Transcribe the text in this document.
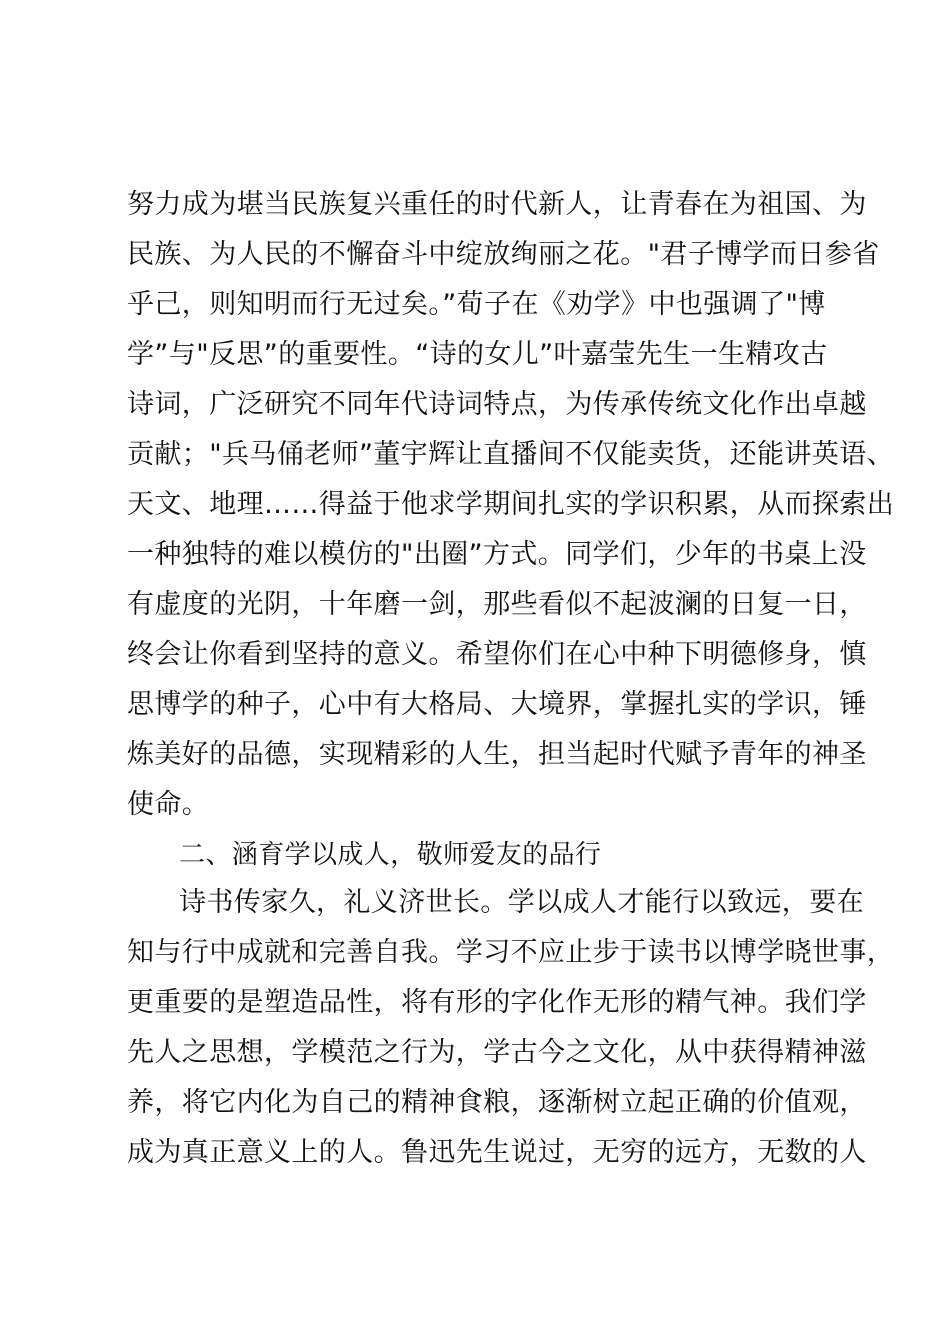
努力成为堪当民族复兴重任的时代新人，让青春在为祖国、为
民族、为人民的不懈奋斗中绽放绚丽之花。"君子博学而日参省
乎己，则知明而行无过矣。”荀子在《劝学》中也强调了"博
学”与"反思”的重要性。“诗的女儿”叶嘉莹先生一生精攻古
诗词，广泛研究不同年代诗词特点，为传承传统文化作出卓越
贡献；"兵马俑老师”董宇辉让直播间不仅能卖货，还能讲英语、
天文、地理……得益于他求学期间扎实的学识积累，从而探索出
一种独特的难以模仿的"出圈”方式。同学们，少年的书桌上没
有虚度的光阴，十年磨一剑，那些看似不起波澜的日复一日，
终会让你看到坚持的意义。希望你们在心中种下明德修身，慎
思博学的种子，心中有大格局、大境界，掌握扎实的学识，锤
炼美好的品德，实现精彩的人生，担当起时代赋予青年的神圣
使命。
二、涵育学以成人，敬师爱友的品行
诗书传家久，礼义济世长。学以成人才能行以致远，要在
知与行中成就和完善自我。学习不应止步于读书以博学晓世事，
更重要的是塑造品性，将有形的字化作无形的精气神。我们学
先人之思想，学模范之行为，学古今之文化，从中获得精神滋
养，将它内化为自己的精神食粮，逐渐树立起正确的价值观，
成为真正意义上的人。鲁迅先生说过，无穷的远方，无数的人
